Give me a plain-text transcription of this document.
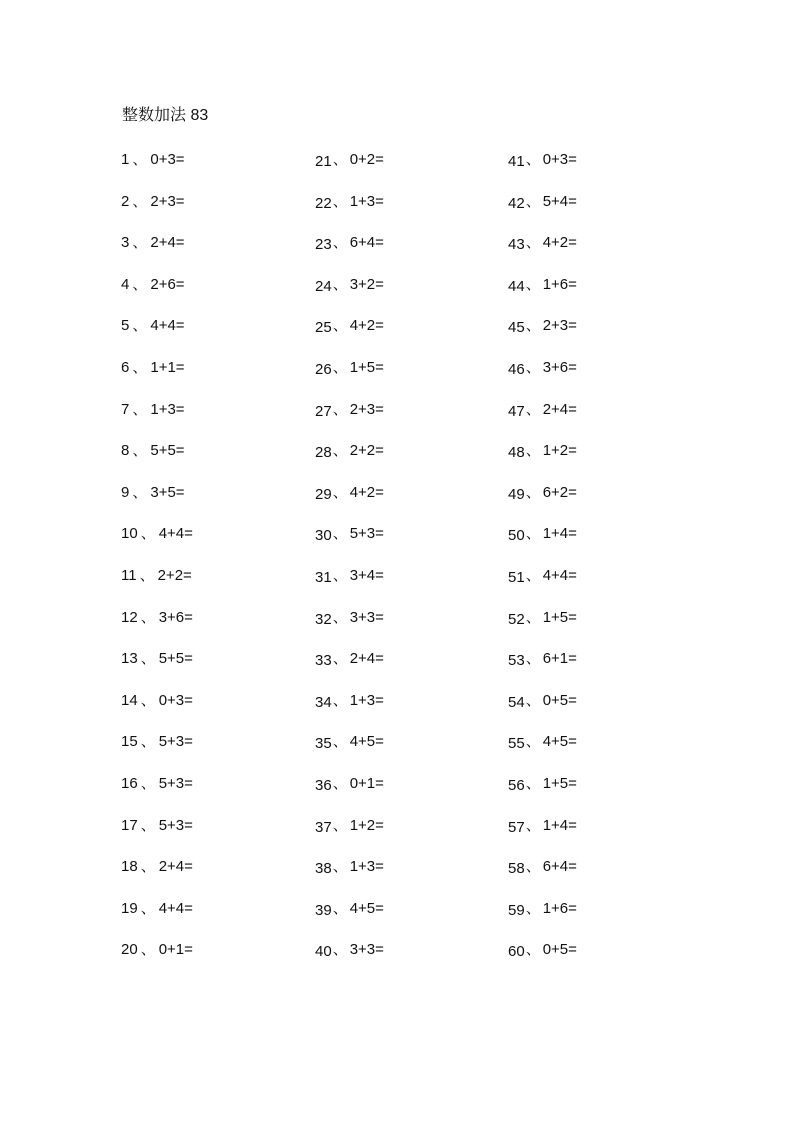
整数加法 83
1 、 0+3=
2 、 2+3=
3 、 2+4=
4 、 2+6=
5 、 4+4=
6 、 1+1=
7 、 1+3=
8 、 5+5=
9 、 3+5=
10 、 4+4=
11 、 2+2=
12 、 3+6=
13 、 5+5=
14 、 0+3=
15 、 5+3=
16 、 5+3=
17 、 5+3=
18 、 2+4=
19 、 4+4=
20 、 0+1=
21、 0+2=
22、 1+3=
23、 6+4=
24、 3+2=
25、 4+2=
26、 1+5=
27、 2+3=
28、 2+2=
29、 4+2=
30、 5+3=
31、 3+4=
32、 3+3=
33、 2+4=
34、 1+3=
35、 4+5=
36、 0+1=
37、 1+2=
38、 1+3=
39、 4+5=
40、 3+3=
41、 0+3=
42、 5+4=
43、 4+2=
44、 1+6=
45、 2+3=
46、 3+6=
47、 2+4=
48、 1+2=
49、 6+2=
50、 1+4=
51、 4+4=
52、 1+5=
53、 6+1=
54、 0+5=
55、 4+5=
56、 1+5=
57、 1+4=
58、 6+4=
59、 1+6=
60、 0+5=
